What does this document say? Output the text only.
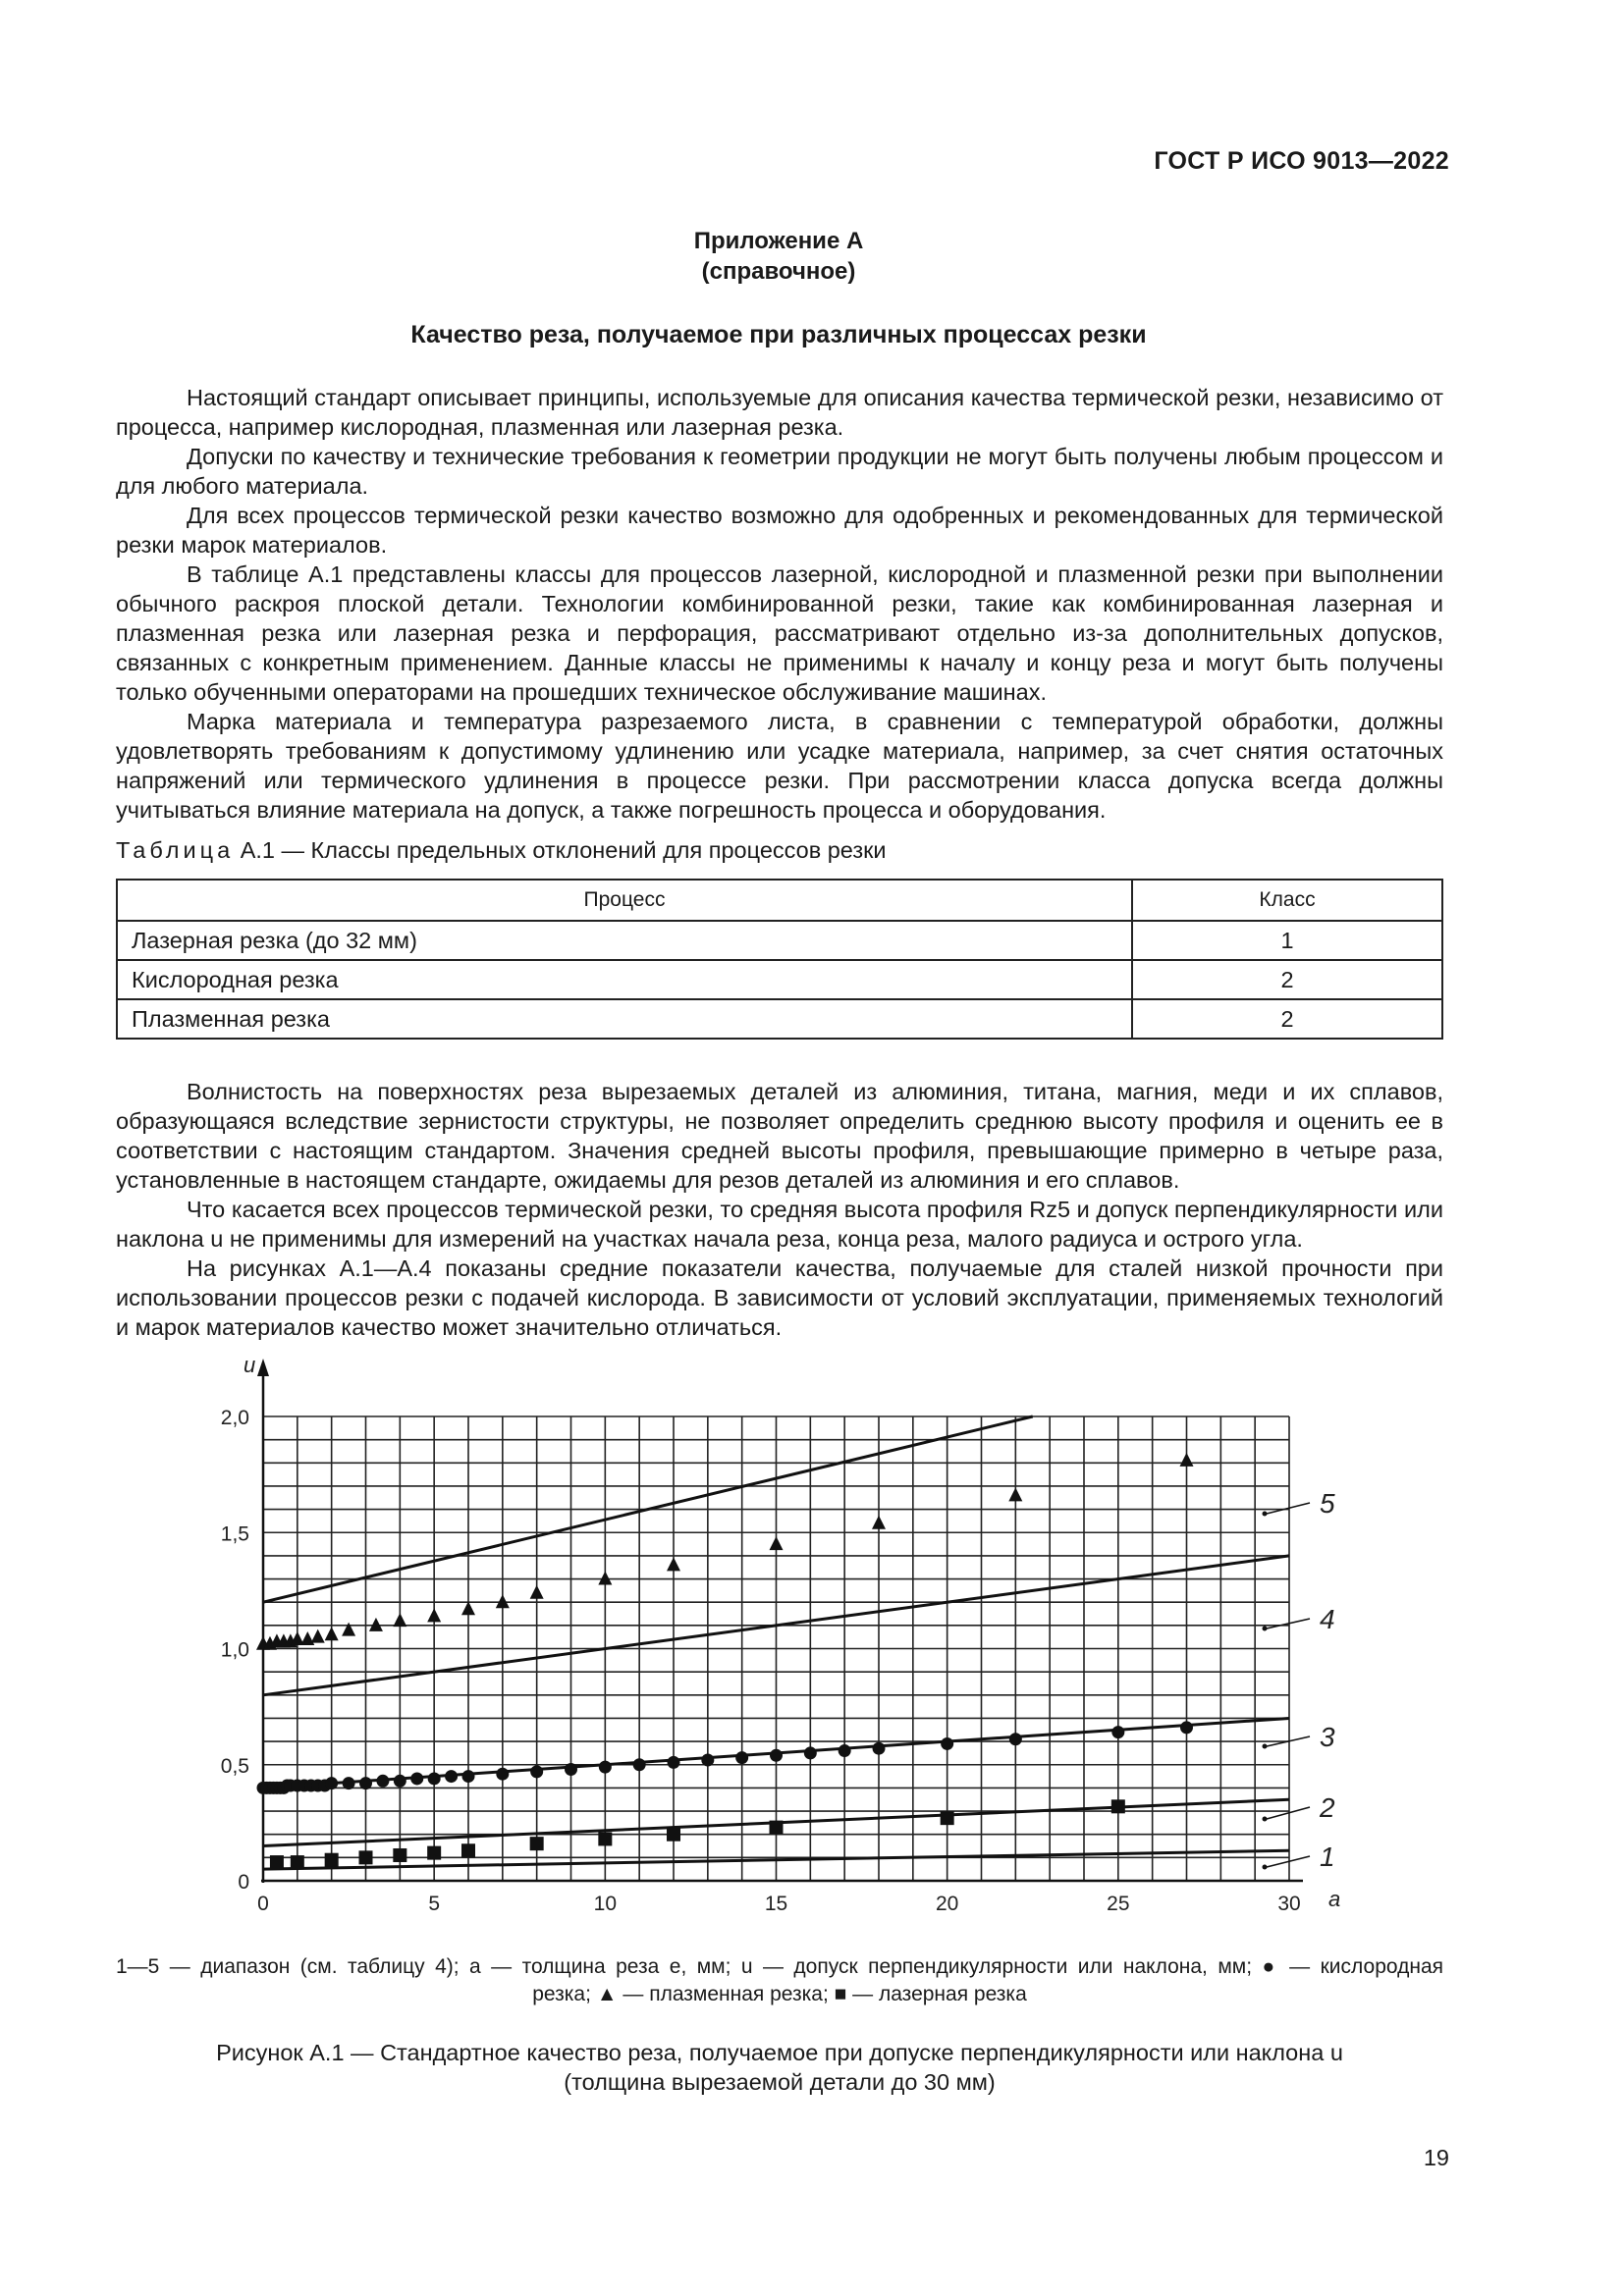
ГОСТ Р ИСО 9013—2022
Приложение А
(справочное)
Качество реза, получаемое при различных процессах резки

Настоящий стандарт описывает принципы, используемые для описания качества термической резки, независимо от процесса, например кислородная, плазменная или лазерная резка.

Допуски по качеству и технические требования к геометрии продукции не могут быть получены любым процессом и для любого материала.

Для всех процессов термической резки качество возможно для одобренных и рекомендованных для термической резки марок материалов.

В таблице А.1 представлены классы для процессов лазерной, кислородной и плазменной резки при выполнении обычного раскроя плоской детали. Технологии комбинированной резки, такие как комбинированная лазерная и плазменная резка или лазерная резка и перфорация, рассматривают отдельно из-за дополнительных допусков, связанных с конкретным применением. Данные классы не применимы к началу и концу реза и могут быть получены только обученными операторами на прошедших техническое обслуживание машинах.

Марка материала и температура разрезаемого листа, в сравнении с температурой обработки, должны удовлетворять требованиям к допустимому удлинению или усадке материала, например, за счет снятия остаточных напряжений или термического удлинения в процессе резки. При рассмотрении класса допуска всегда должны учитываться влияние материала на допуск, а также погрешность процесса и оборудования.

Таблица А.1 — Классы предельных отклонений для процессов резки
Процесс	Класс
Лазерная резка (до 32 мм)	1
Кислородная резка	2
Плазменная резка	2

Волнистость на поверхностях реза вырезаемых деталей из алюминия, титана, магния, меди и их сплавов, образующаяся вследствие зернистости структуры, не позволяет определить среднюю высоту профиля и оценить ее в соответствии с настоящим стандартом. Значения средней высоты профиля, превышающие примерно в четыре раза, установленные в настоящем стандарте, ожидаемы для резов деталей из алюминия и его сплавов.

Что касается всех процессов термической резки, то средняя высота профиля Rz5 и допуск перпендикулярности или наклона u не применимы для измерений на участках начала реза, конца реза, малого радиуса и острого угла.

На рисунках А.1—А.4 показаны средние показатели качества, получаемые для сталей низкой прочности при использовании процессов резки с подачей кислорода. В зависимости от условий эксплуатации, применяемых технологий и марок материалов качество может значительно отличаться.

u
a
0
0,5
1,0
1,5
2,0
0	5	10	15	20	25	30
5
4
3
2
1
1—5 — диапазон (см. таблицу 4); a — толщина реза e, мм; u — допуск перпендикулярности или наклона, мм; ● — кислородная
резка; ▲ — плазменная резка; ■ — лазерная резка
Рисунок А.1 — Стандартное качество реза, получаемое при допуске перпендикулярности или наклона u
(толщина вырезаемой детали до 30 мм)
19
